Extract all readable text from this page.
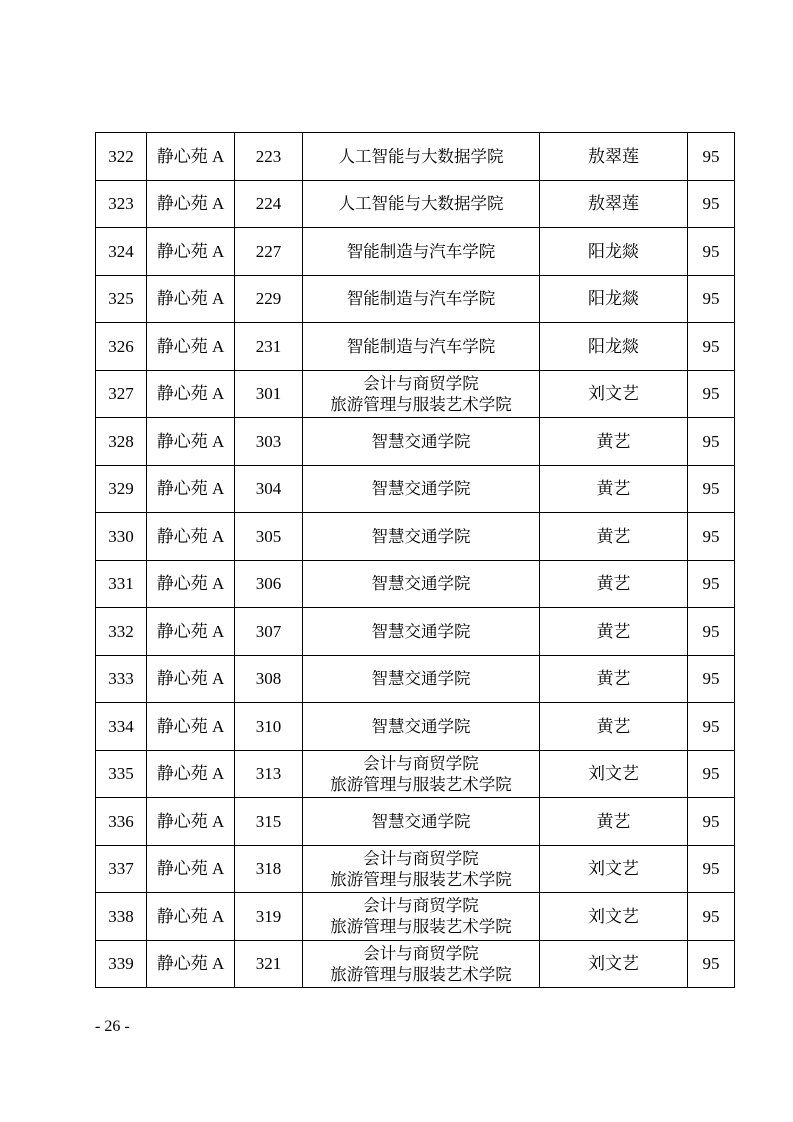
322	静心苑 A	223	人工智能与大数据学院	敖翠莲	95
323	静心苑 A	224	人工智能与大数据学院	敖翠莲	95
324	静心苑 A	227	智能制造与汽车学院	阳龙燚	95
325	静心苑 A	229	智能制造与汽车学院	阳龙燚	95
326	静心苑 A	231	智能制造与汽车学院	阳龙燚	95
327	静心苑 A	301	会计与商贸学院
旅游管理与服装艺术学院	刘文艺	95
328	静心苑 A	303	智慧交通学院	黄艺	95
329	静心苑 A	304	智慧交通学院	黄艺	95
330	静心苑 A	305	智慧交通学院	黄艺	95
331	静心苑 A	306	智慧交通学院	黄艺	95
332	静心苑 A	307	智慧交通学院	黄艺	95
333	静心苑 A	308	智慧交通学院	黄艺	95
334	静心苑 A	310	智慧交通学院	黄艺	95
335	静心苑 A	313	会计与商贸学院
旅游管理与服装艺术学院	刘文艺	95
336	静心苑 A	315	智慧交通学院	黄艺	95
337	静心苑 A	318	会计与商贸学院
旅游管理与服装艺术学院	刘文艺	95
338	静心苑 A	319	会计与商贸学院
旅游管理与服装艺术学院	刘文艺	95
339	静心苑 A	321	会计与商贸学院
旅游管理与服装艺术学院	刘文艺	95
- 26 -
